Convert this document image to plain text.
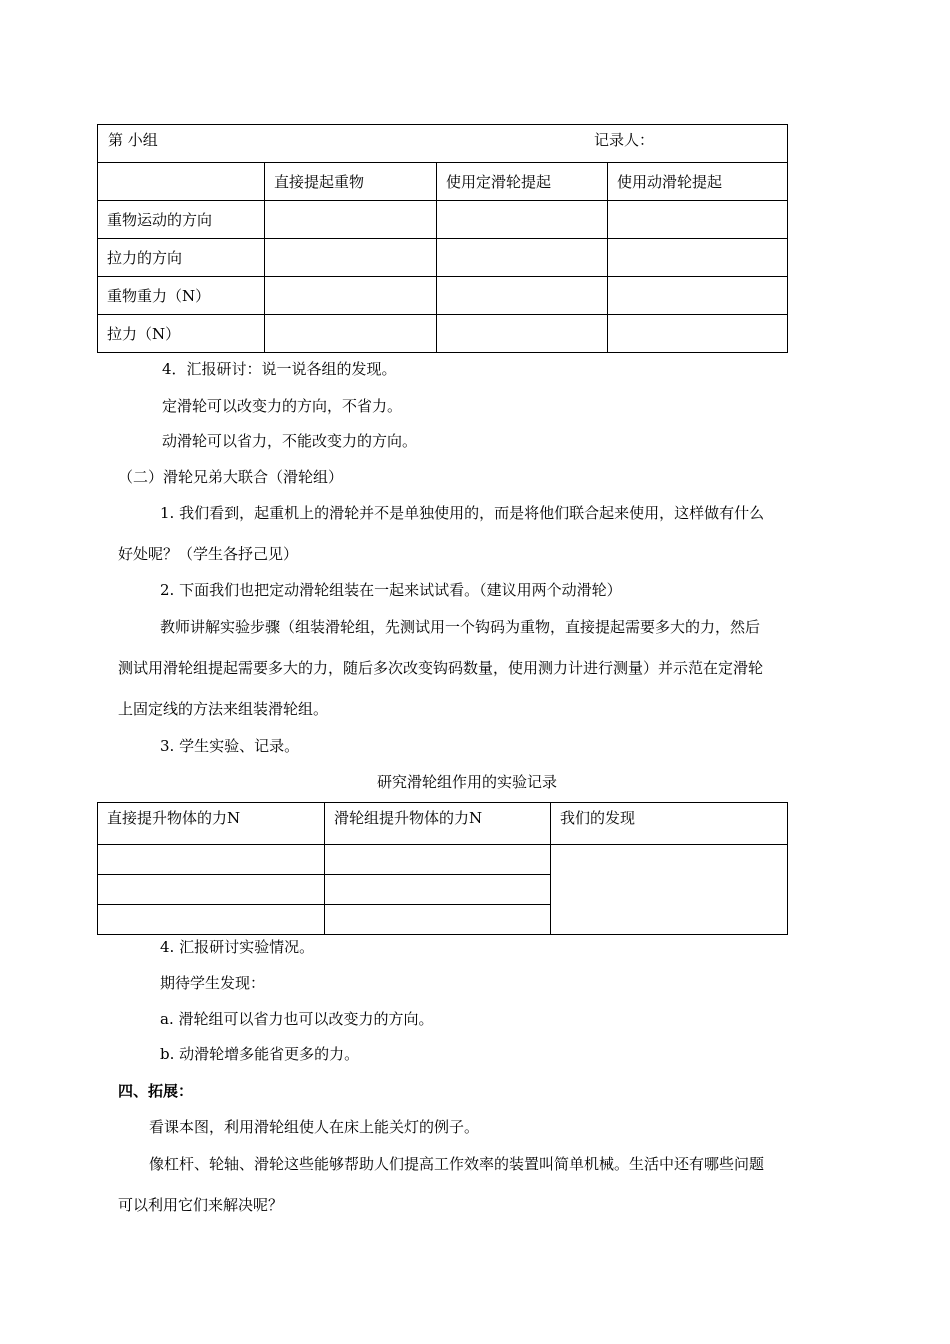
第 小组 记录人：			

	直接提起重物	使用定滑轮提起	使用动滑轮提起
重物运动的方向			
拉力的方向			
重物重力（N）			
拉力（N）			
4．汇报研讨：说一说各组的发现。
定滑轮可以改变力的方向，不省力。
动滑轮可以省力，不能改变力的方向。
（二）滑轮兄弟大联合（滑轮组）
1. 我们看到，起重机上的滑轮并不是单独使用的，而是将他们联合起来使用，这样做有什么
好处呢？（学生各抒己见）
2. 下面我们也把定动滑轮组装在一起来试试看。（建议用两个动滑轮）
教师讲解实验步骤（组装滑轮组，先测试用一个钩码为重物，直接提起需要多大的力，然后
测试用滑轮组提起需要多大的力，随后多次改变钩码数量，使用测力计进行测量）并示范在定滑轮
上固定线的方法来组装滑轮组。
3. 学生实验、记录。
研究滑轮组作用的实验记录
直接提升物体的力N	滑轮组提升物体的力N	我们的发现

4. 汇报研讨实验情况。
期待学生发现：
a. 滑轮组可以省力也可以改变力的方向。
b. 动滑轮增多能省更多的力。
四、拓展：
看课本图，利用滑轮组使人在床上能关灯的例子。
像杠杆、轮轴、滑轮这些能够帮助人们提高工作效率的装置叫简单机械。生活中还有哪些问题
可以利用它们来解决呢？
